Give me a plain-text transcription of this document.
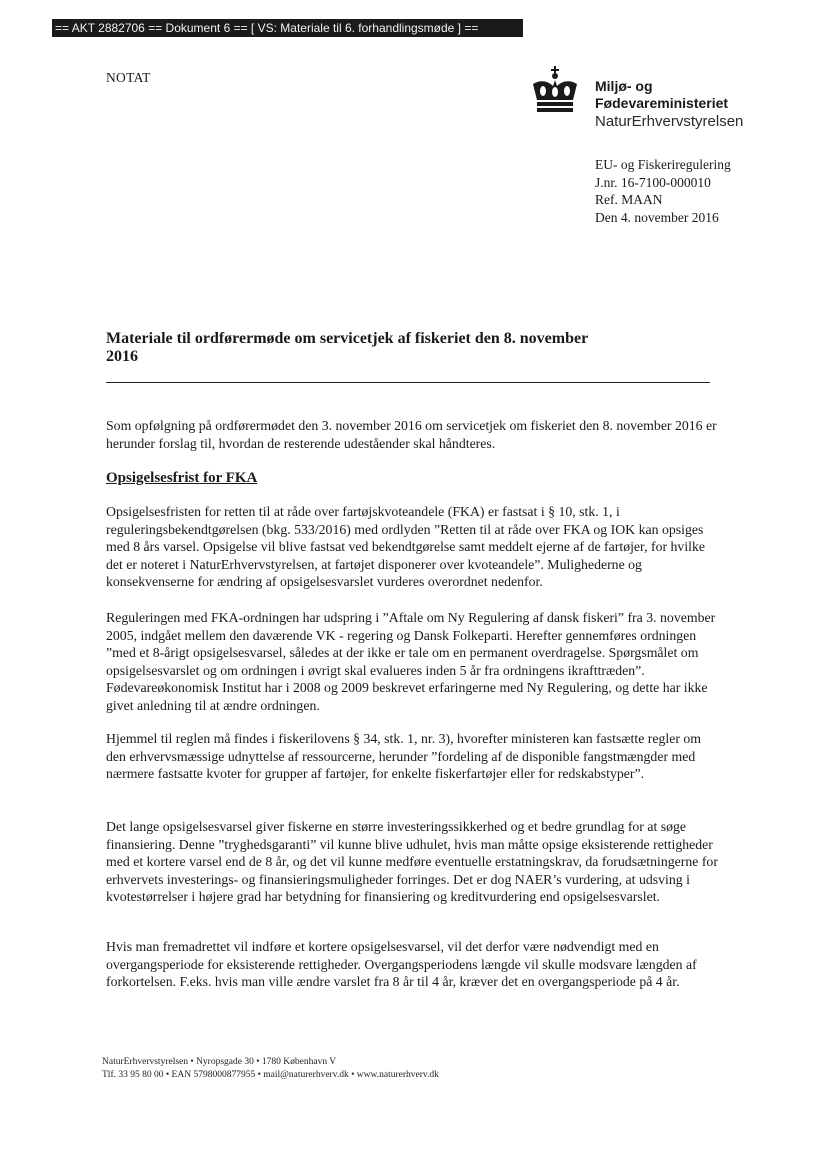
== AKT 2882706 == Dokument 6 == [ VS: Materiale til 6. forhandlingsmøde ] ==
NOTAT
Miljø- og
Fødevareministeriet
NaturErhvervstyrelsen
EU- og Fiskeriregulering
J.nr. 16-7100-000010
Ref. MAAN
Den 4. november 2016
Materiale til ordførermøde om servicetjek af fiskeriet den 8. november 2016

Som opfølgning på ordførermødet den 3. november 2016 om servicetjek om fiskeriet den 8. november 2016 er herunder forslag til, hvordan de resterende udeståender skal håndteres.

Opsigelsesfrist for FKA

Opsigelsesfristen for retten til at råde over fartøjskvoteandele (FKA) er fastsat i § 10, stk. 1, i reguleringsbekendtgørelsen (bkg. 533/2016) med ordlyden ”Retten til at råde over FKA og IOK kan opsiges med 8 års varsel. Opsigelse vil blive fastsat ved bekendtgørelse samt meddelt ejerne af de fartøjer, for hvilke det er noteret i NaturErhvervstyrelsen, at fartøjet disponerer over kvoteandele”. Mulighederne og konsekvenserne for ændring af opsigelsesvarslet vurderes overordnet nedenfor.

Reguleringen med FKA-ordningen har udspring i ”Aftale om Ny Regulering af dansk fiskeri” fra 3. november 2005, indgået mellem den daværende VK - regering og Dansk Folkeparti. Herefter gennemføres ordningen ”med et 8-årigt opsigelsesvarsel, således at der ikke er tale om en permanent overdragelse. Spørgsmålet om opsigelsesvarslet og om ordningen i øvrigt skal evalueres inden 5 år fra ordningens ikrafttræden”. Fødevareøkonomisk Institut har i 2008 og 2009 beskrevet erfaringerne med Ny Regulering, og dette har ikke givet anledning til at ændre ordningen.

Hjemmel til reglen må findes i fiskerilovens § 34, stk. 1, nr. 3), hvorefter ministeren kan fastsætte regler om den erhvervsmæssige udnyttelse af ressourcerne, herunder ”fordeling af de disponible fangstmængder med nærmere fastsatte kvoter for grupper af fartøjer, for enkelte fiskerfartøjer eller for redskabstyper”.

Det lange opsigelsesvarsel giver fiskerne en større investeringssikkerhed og et bedre grundlag for at søge finansiering. Denne ”tryghedsgaranti” vil kunne blive udhulet, hvis man måtte opsige eksisterende rettigheder med et kortere varsel end de 8 år, og det vil kunne medføre eventuelle erstatningskrav, da forudsætningerne for erhvervets investerings- og finansieringsmuligheder forringes. Det er dog NAER’s vurdering, at udsving i kvotestørrelser i højere grad har betydning for finansiering og kreditvurdering end opsigelsesvarslet.

Hvis man fremadrettet vil indføre et kortere opsigelsesvarsel, vil det derfor være nødvendigt med en overgangsperiode for eksisterende rettigheder. Overgangsperiodens længde vil skulle modsvare længden af forkortelsen. F.eks. hvis man ville ændre varslet fra 8 år til 4 år, kræver det en overgangsperiode på 4 år.

NaturErhvervstyrelsen • Nyropsgade 30 • 1780 København V
Tlf. 33 95 80 00 • EAN 5798000877955 • mail@naturerhverv.dk • www.naturerhverv.dk
